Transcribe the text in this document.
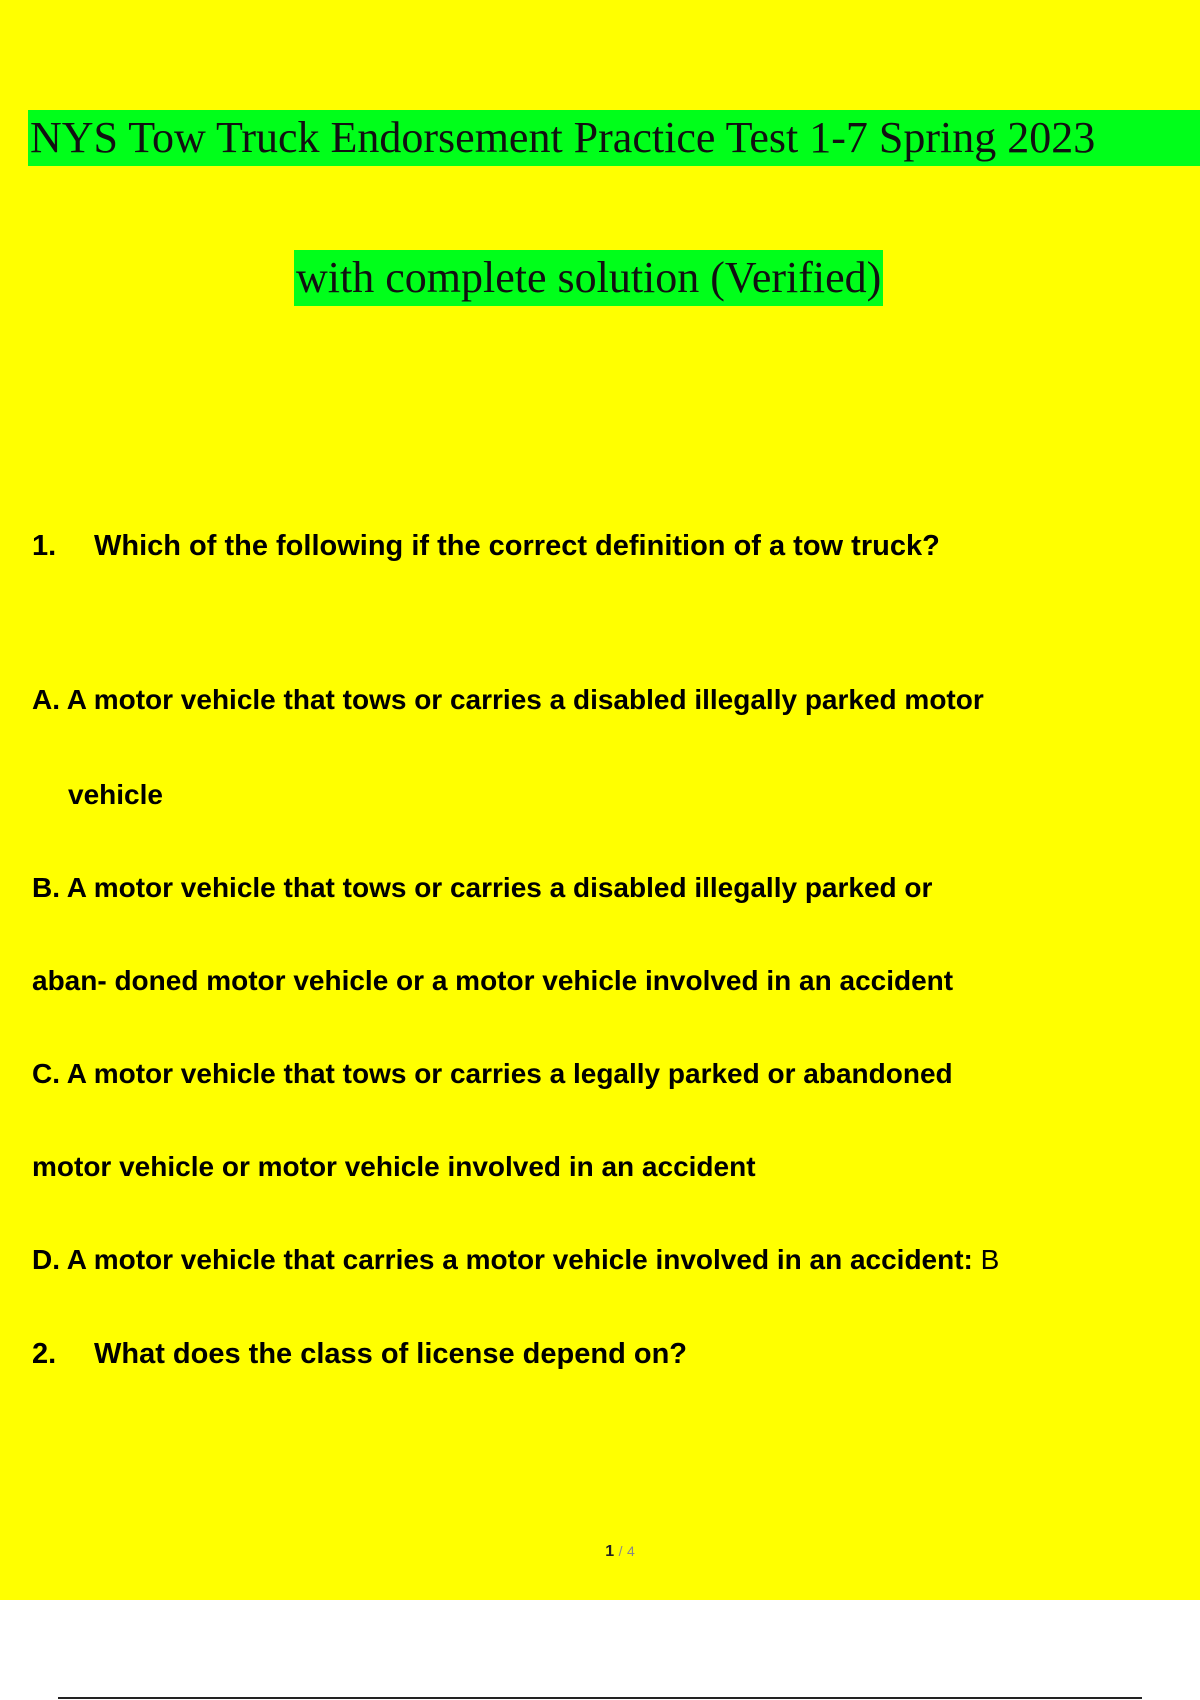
NYS Tow Truck Endorsement Practice Test 1-7 Spring 2023
with complete solution (Verified)
1. Which of the following if the correct definition of a tow truck?
A. A motor vehicle that tows or carries a disabled illegally parked motor
vehicle
B. A motor vehicle that tows or carries a disabled illegally parked or
aban- doned motor vehicle or a motor vehicle involved in an accident
C. A motor vehicle that tows or carries a legally parked or abandoned
motor vehicle or motor vehicle involved in an accident
D. A motor vehicle that carries a motor vehicle involved in an accident: B
2. What does the class of license depend on?
1 / 4
